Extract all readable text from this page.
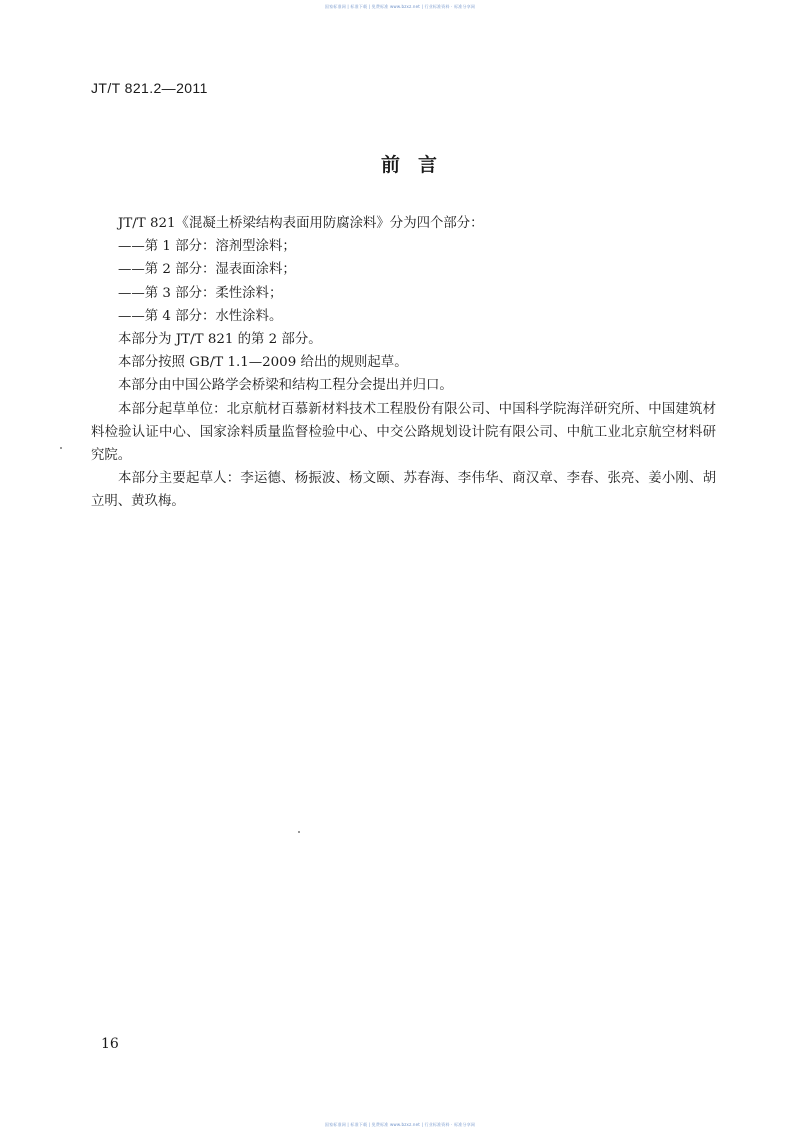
国家标准网 | 标准下载 | 免费标准 www.bzxz.net | 行业标准资料 · 标准分享网
JT/T 821.2—2011
前言

JT/T 821《混凝土桥梁结构表面用防腐涂料》分为四个部分：

——第 1 部分：溶剂型涂料；

——第 2 部分：湿表面涂料；

——第 3 部分：柔性涂料；

——第 4 部分：水性涂料。

本部分为 JT/T 821 的第 2 部分。

本部分按照 GB/T 1.1—2009 给出的规则起草。

本部分由中国公路学会桥梁和结构工程分会提出并归口。

本部分起草单位：北京航材百慕新材料技术工程股份有限公司、中国科学院海洋研究所、中国建筑材料检验认证中心、国家涂料质量监督检验中心、中交公路规划设计院有限公司、中航工业北京航空材料研究院。

本部分主要起草人：李运德、杨振波、杨文颐、苏春海、李伟华、商汉章、李春、张亮、姜小刚、胡立明、黄玖梅。

16
国家标准网 | 标准下载 | 免费标准 www.bzxz.net | 行业标准资料 · 标准分享网
